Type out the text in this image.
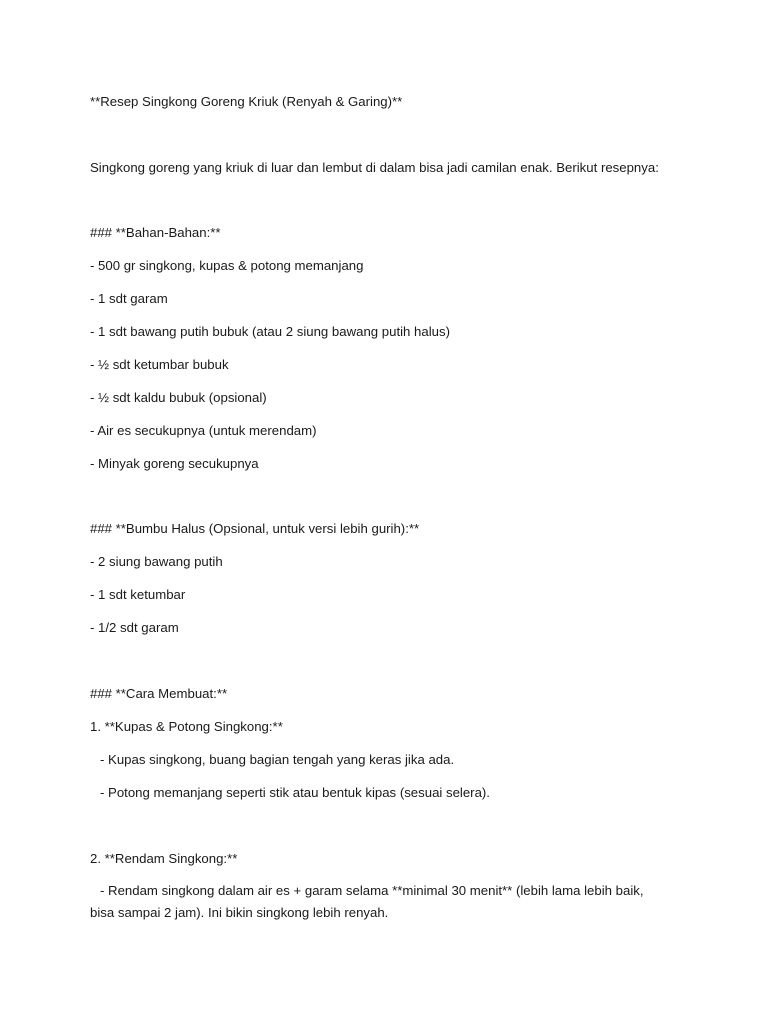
**Resep Singkong Goreng Kriuk (Renyah & Garing)**
Singkong goreng yang kriuk di luar dan lembut di dalam bisa jadi camilan enak. Berikut resepnya:
### **Bahan-Bahan:**
- 500 gr singkong, kupas & potong memanjang
- 1 sdt garam
- 1 sdt bawang putih bubuk (atau 2 siung bawang putih halus)
- ½ sdt ketumbar bubuk
- ½ sdt kaldu bubuk (opsional)
- Air es secukupnya (untuk merendam)
- Minyak goreng secukupnya
### **Bumbu Halus (Opsional, untuk versi lebih gurih):**
- 2 siung bawang putih
- 1 sdt ketumbar
- 1/2 sdt garam
### **Cara Membuat:**
1. **Kupas & Potong Singkong:**
- Kupas singkong, buang bagian tengah yang keras jika ada.
- Potong memanjang seperti stik atau bentuk kipas (sesuai selera).
2. **Rendam Singkong:**
- Rendam singkong dalam air es + garam selama **minimal 30 menit** (lebih lama lebih baik, bisa sampai 2 jam). Ini bikin singkong lebih renyah.
